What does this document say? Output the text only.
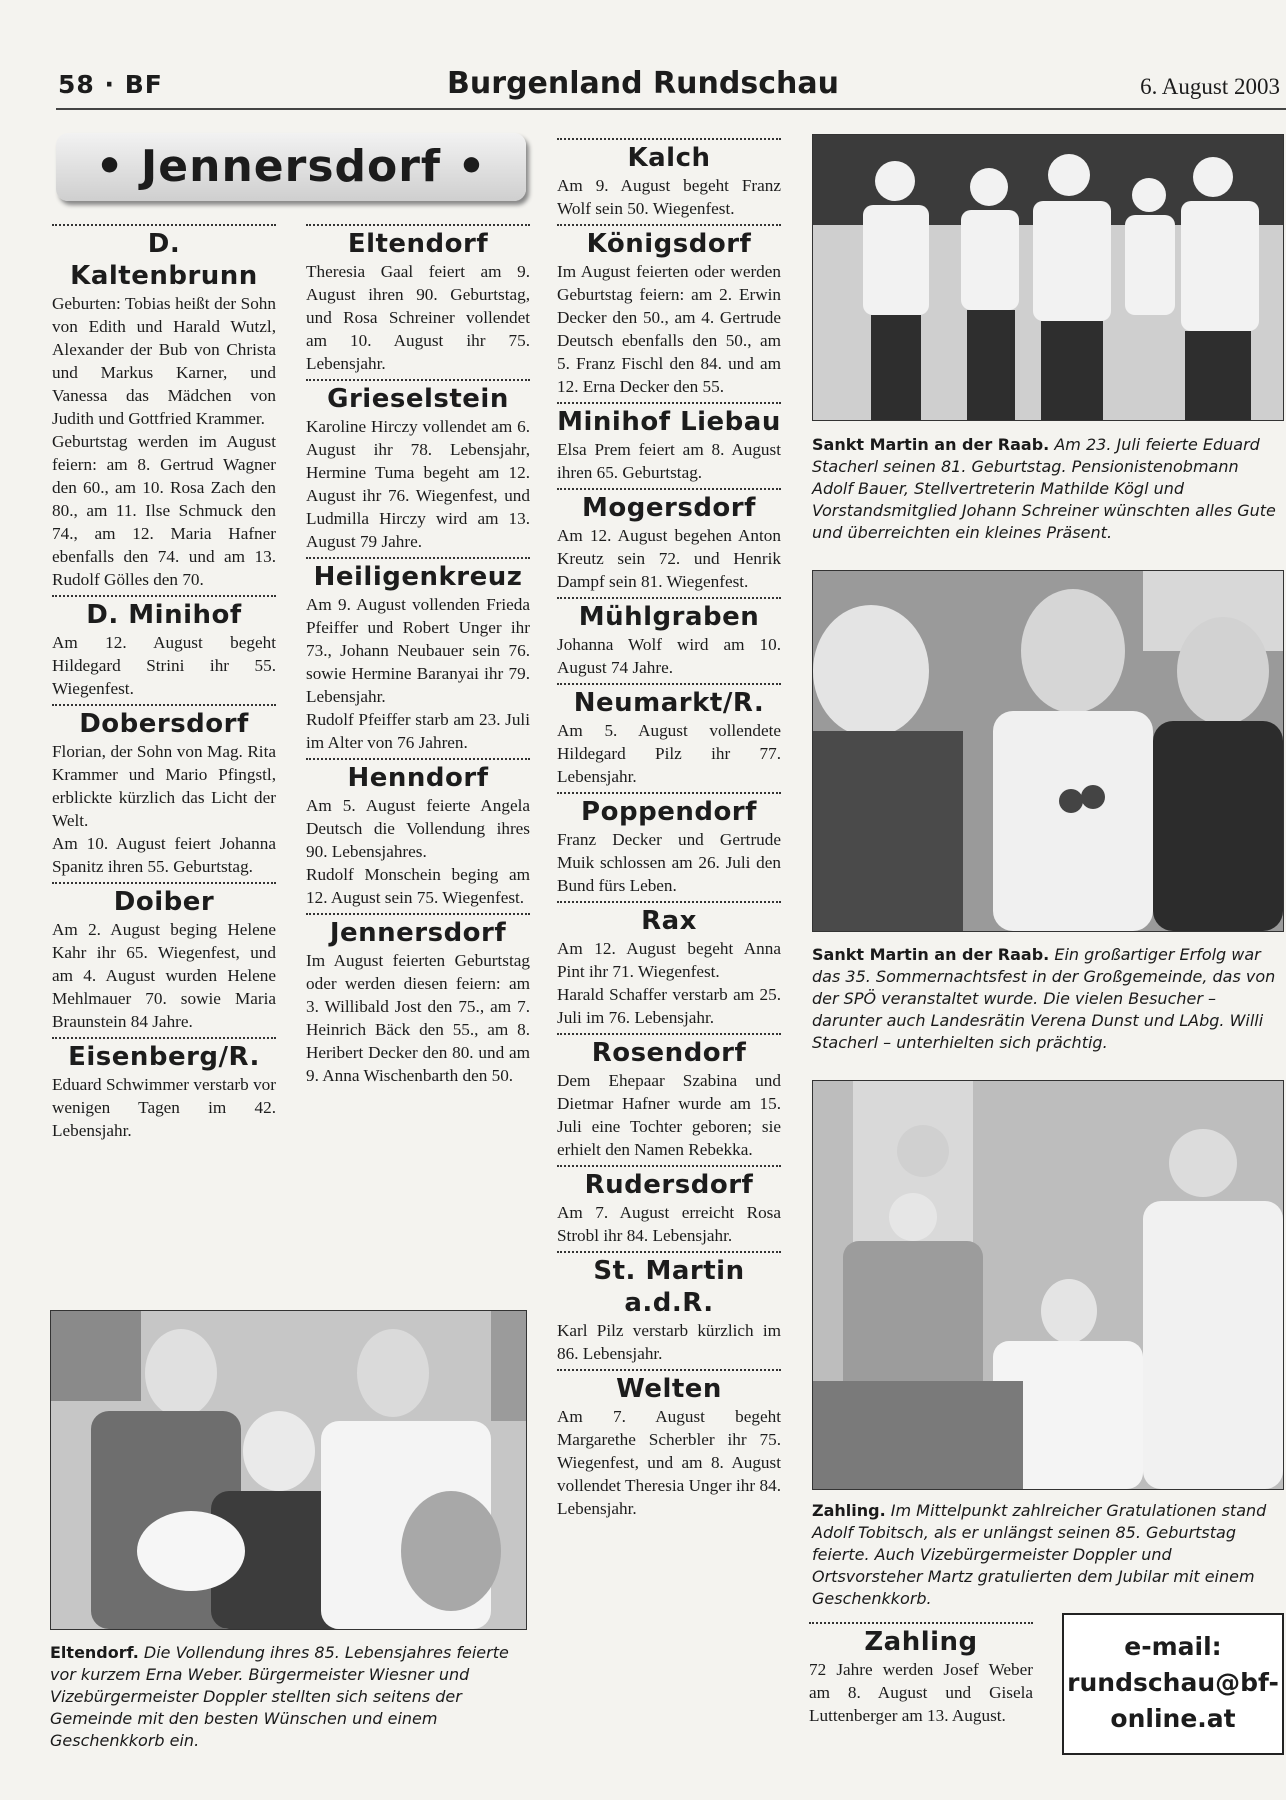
58 · BF	Burgenland Rundschau	6. August 2003
• Jennersdorf •
D. Kaltenbrunn

Geburten: Tobias heißt der Sohn von Edith und Harald Wutzl, Alexander der Bub von Christa und Markus Karner, und Vanessa das Mädchen von Judith und Gottfried Krammer.

Geburtstag werden im August feiern: am 8. Gertrud Wagner den 60., am 10. Rosa Zach den 80., am 11. Ilse Schmuck den 74., am 12. Maria Hafner ebenfalls den 74. und am 13. Rudolf Gölles den 70.

D. Minihof

Am 12. August begeht Hildegard Strini ihr 55. Wiegenfest.

Dobersdorf

Florian, der Sohn von Mag. Rita Krammer und Mario Pfingstl, erblickte kürzlich das Licht der Welt.

Am 10. August feiert Johanna Spanitz ihren 55. Geburtstag.

Doiber

Am 2. August beging Helene Kahr ihr 65. Wiegenfest, und am 4. August wurden Helene Mehlmauer 70. sowie Maria Braunstein 84 Jahre.

Eisenberg/R.

Eduard Schwimmer verstarb vor wenigen Tagen im 42. Lebensjahr.

Eltendorf

Theresia Gaal feiert am 9. August ihren 90. Geburtstag, und Rosa Schreiner vollendet am 10. August ihr 75. Lebensjahr.

Grieselstein

Karoline Hirczy vollendet am 6. August ihr 78. Lebensjahr, Hermine Tuma begeht am 12. August ihr 76. Wiegenfest, und Ludmilla Hirczy wird am 13. August 79 Jahre.

Heiligenkreuz

Am 9. August vollenden Frieda Pfeiffer und Robert Unger ihr 73., Johann Neubauer sein 76. sowie Hermine Baranyai ihr 79. Lebensjahr.

Rudolf Pfeiffer starb am 23. Juli im Alter von 76 Jahren.

Henndorf

Am 5. August feierte Angela Deutsch die Vollendung ihres 90. Lebensjahres.

Rudolf Monschein beging am 12. August sein 75. Wiegenfest.

Jennersdorf

Im August feierten Geburtstag oder werden diesen feiern: am 3. Willibald Jost den 75., am 7. Heinrich Bäck den 55., am 8. Heribert Decker den 80. und am 9. Anna Wischenbarth den 50.

Kalch

Am 9. August begeht Franz Wolf sein 50. Wiegenfest.

Königsdorf

Im August feierten oder werden Geburtstag feiern: am 2. Erwin Decker den 50., am 4. Gertrude Deutsch ebenfalls den 50., am 5. Franz Fischl den 84. und am 12. Erna Decker den 55.

Minihof Liebau

Elsa Prem feiert am 8. August ihren 65. Geburtstag.

Mogersdorf

Am 12. August begehen Anton Kreutz sein 72. und Henrik Dampf sein 81. Wiegenfest.

Mühlgraben

Johanna Wolf wird am 10. August 74 Jahre.

Neumarkt/R.

Am 5. August vollendete Hildegard Pilz ihr 77. Lebensjahr.

Poppendorf

Franz Decker und Gertrude Muik schlossen am 26. Juli den Bund fürs Leben.

Rax

Am 12. August begeht Anna Pint ihr 71. Wiegenfest.

Harald Schaffer verstarb am 25. Juli im 76. Lebensjahr.

Rosendorf

Dem Ehepaar Szabina und Dietmar Hafner wurde am 15. Juli eine Tochter geboren; sie erhielt den Namen Rebekka.

Rudersdorf

Am 7. August erreicht Rosa Strobl ihr 84. Lebensjahr.

St. Martin a.d.R.

Karl Pilz verstarb kürzlich im 86. Lebensjahr.

Welten

Am 7. August begeht Margarethe Scherbler ihr 75. Wiegenfest, und am 8. August vollendet Theresia Unger ihr 84. Lebensjahr.

Zahling

72 Jahre werden Josef Weber am 8. August und Gisela Luttenberger am 13. August.

Sankt Martin an der Raab. Am 23. Juli feierte Eduard Stacherl seinen 81. Geburtstag. Pensionistenobmann Adolf Bauer, Stellvertreterin Mathilde Kögl und Vorstandsmitglied Johann Schreiner wünschten alles Gute und überreichten ein kleines Präsent.
Sankt Martin an der Raab. Ein großartiger Erfolg war das 35. Sommernachtsfest in der Großgemeinde, das von der SPÖ veranstaltet wurde. Die vielen Besucher – darunter auch Landesrätin Verena Dunst und LAbg. Willi Stacherl – unterhielten sich prächtig.
Zahling. Im Mittelpunkt zahlreicher Gratulationen stand Adolf Tobitsch, als er unlängst seinen 85. Geburtstag feierte. Auch Vizebürgermeister Doppler und Ortsvorsteher Martz gratulierten dem Jubilar mit einem Geschenkkorb.
Eltendorf. Die Vollendung ihres 85. Lebensjahres feierte vor kurzem Erna Weber. Bürgermeister Wiesner und Vizebürgermeister Doppler stellten sich seitens der Gemeinde mit den besten Wünschen und einem Geschenkkorb ein.
e-mail:
rundschau@bf-
online.at
